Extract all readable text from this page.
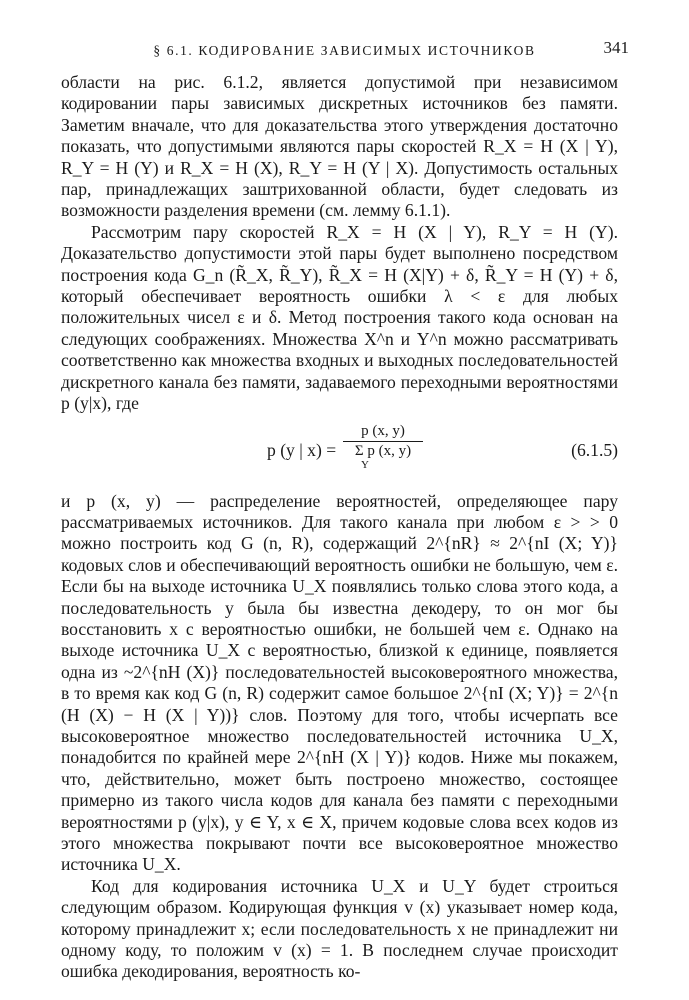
§ 6.1. КОДИРОВАНИЕ ЗАВИСИМЫХ ИСТОЧНИКОВ	341

области на рис. 6.1.2, является допустимой при независимом кодировании пары зависимых дискретных источников без памяти. Заметим вначале, что для доказательства этого утверждения достаточно показать, что допустимыми являются пары скоростей R_X = H (X | Y), R_Y = H (Y) и R_X = H (X), R_Y = H (Y | X). Допустимость остальных пар, принадлежащих заштрихованной области, будет следовать из возможности разделения времени (см. лемму 6.1.1).

Рассмотрим пару скоростей R_X = H (X | Y), R_Y = H (Y). Доказательство допустимости этой пары будет выполнено посредством построения кода G_n (R̃_X, R̃_Y), R̃_X = H (X|Y) + δ, R̃_Y = H (Y) + δ, который обеспечивает вероятность ошибки λ < ε для любых положительных чисел ε и δ. Метод построения такого кода основан на следующих соображениях. Множества X^n и Y^n можно рассматривать соответственно как множества входных и выходных последовательностей дискретного канала без памяти, задаваемого переходными вероятностями p (y|x), где

p (y | x) = p (x, y)
Σ p (x, y)
Y	(6.1.5)

и p (x, y) — распределение вероятностей, определяющее пару рассматриваемых источников. Для такого канала при любом ε > > 0 можно построить код G (n, R), содержащий 2^{nR} ≈ 2^{nI (X; Y)} кодовых слов и обеспечивающий вероятность ошибки не большую, чем ε. Если бы на выходе источника U_X появлялись только слова этого кода, а последовательность y была бы известна декодеру, то он мог бы восстановить x с вероятностью ошибки, не большей чем ε. Однако на выходе источника U_X с вероятностью, близкой к единице, появляется одна из ~2^{nH (X)} последовательностей высоковероятного множества, в то время как код G (n, R) содержит самое большое 2^{nI (X; Y)} = 2^{n (H (X) − H (X | Y))} слов. Поэтому для того, чтобы исчерпать все высоковероятное множество последовательностей источника U_X, понадобится по крайней мере 2^{nH (X | Y)} кодов. Ниже мы покажем, что, действительно, может быть построено множество, состоящее примерно из такого числа кодов для канала без памяти с переходными вероятностями p (y|x), y ∈ Y, x ∈ X, причем кодовые слова всех кодов из этого множества покрывают почти все высоковероятное множество источника U_X.

Код для кодирования источника U_X и U_Y будет строиться следующим образом. Кодирующая функция v (x) указывает номер кода, которому принадлежит x; если последовательность x не принадлежит ни одному коду, то положим v (x) = 1. В последнем случае происходит ошибка декодирования, вероятность ко-
